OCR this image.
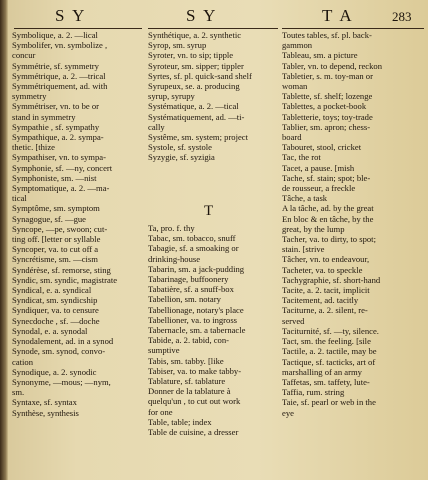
S Y	S Y	T A	283
Symbolique, a. 2. —lical
Symbolifer, vn. symbolize ,
concur
Symmétrie, sf. symmetry
Symmétrique, a. 2. —trical
Symmétriquement, ad. with
symmetry
Symmétriser, vn. to be or
stand in symmetry
Sympathie , sf. sympathy
Sympathique, a. 2. sympa-
thetic. [thize
Sympathiser, vn. to sympa-
Symphonie, sf. —ny, concert
Symphoniste, sm. —nist
Symptomatique, a. 2. —ma-
tical
Symptôme, sm. symptom
Synagogue, sf. —gue
Syncope, —pe, swoon; cut-
ting off. [letter or syllable
Syncoper, va. to cut off a
Syncrétisme, sm. —cism
Syndérèse, sf. remorse, sting
Syndic, sm. syndic, magistrate
Syndical, e. a. syndical
Syndicat, sm. syndicship
Syndiquer, va. to censure
Synecdoche , sf. —doche
Synodal, e. a. synodal
Synodalement, ad. in a synod
Synode, sm. synod, convo-
cation
Synodique, a. 2. synodic
Synonyme, —mous; —nym,
sm.
Syntaxe, sf. syntax
Synthèse, synthesis
Synthétique, a. 2. synthetic
Syrop, sm. syrup
Syroter, vn. to sip; tipple
Syroteur, sm. sipper; tippler
Syrtes, sf. pl. quick-sand shelf
Syrupeux, se. a. producing
syrup, syrupy
Systématique, a. 2. —tical
Systématiquement, ad. —ti-
cally
Systême, sm. system; project
Systole, sf. systole
Syzygie, sf. syzigia
T
Ta, pro. f. thy
Tabac, sm. tobacco, snuff
Tabagie, sf. a smoaking or
drinking-house
Tabarin, sm. a jack-pudding
Tabarinage, buffoonery
Tabatière, sf. a snuff-box
Tabellion, sm. notary
Tabellionage, notary's place
Tabellioner, va. to ingross
Tabernacle, sm. a tabernacle
Tabide, a. 2. tabid, con-
sumptive
Tabis, sm. tabby. [like
Tabiser, va. to make tabby-
Tablature, sf. tablature
Donner de la tablature à
quelqu'un , to cut out work
for one
Table, table; index
Table de cuisine, a dresser
Toutes tables, sf. pl. back-
gammon
Tableau, sm. a picture
Tabler, vn. to depend, reckon
Tabletier, s. m. toy-man or
woman
Tablette, sf. shelf; lozenge
Tablettes, a pocket-book
Tabletterie, toys; toy-trade
Tablier, sm. apron; chess-
board
Tabouret, stool, cricket
Tac, the rot
Tacet, a pause. [mish
Tache, sf. stain; spot; ble-
de rousseur, a freckle
Tâche, a task
A la tâche, ad. by the great
En bloc & en tâche, by the
great, by the lump
Tacher, va. to dirty, to spot;
stain. [strive
Tâcher, vn. to endeavour,
Tacheter, va. to speckle
Tachygraphie, sf. short-hand
Tacite, a. 2. tacit, implicit
Tacitement, ad. tacitly
Taciturne, a. 2. silent, re-
served
Taciturnité, sf. —ty, silence.
Tact, sm. the feeling. [sile
Tactile, a. 2. tactile, may be
Tactique, sf. tacticks, art of
marshalling of an army
Taffetas, sm. taffety, lute-
Taffia, rum. string
Taie, sf. pearl or web in the
eye
